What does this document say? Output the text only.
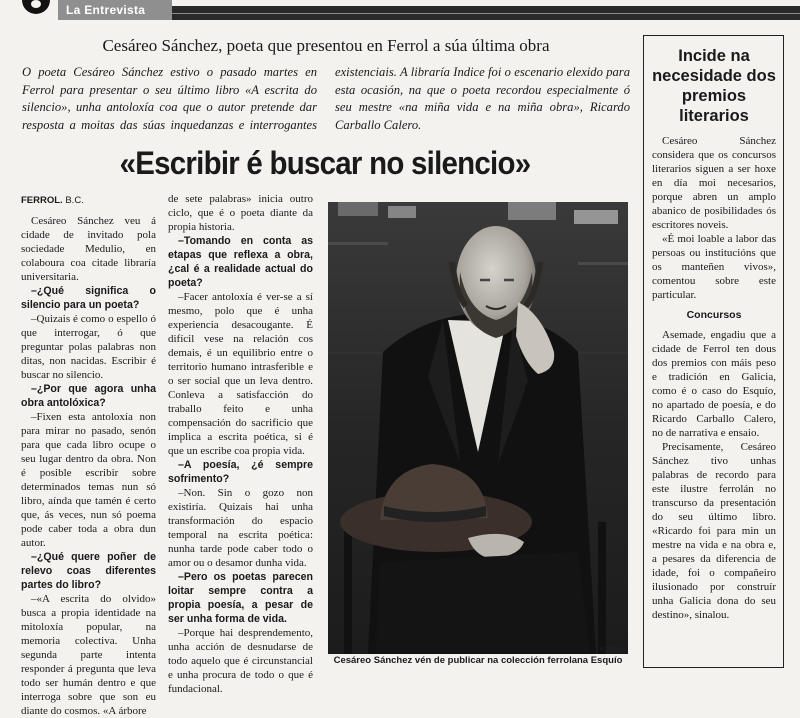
La Entrevista
Cesáreo Sánchez, poeta que presentou en Ferrol a súa última obra
O poeta Cesáreo Sánchez estivo o pasado martes en Ferrol para presentar o seu último libro «A escrita do silencio», unha antoloxía coa que o autor pretende dar resposta a moitas das súas inquedanzas e interrogantes existenciais. A libraría Indice foi o escenario elexido para esta ocasión, na que o poeta recordou especialmente ó seu mestre «na miña vida e na miña obra», Ricardo Carballo Calero.
«Escribir é buscar no silencio»
FERROL. B.C.

Cesáreo Sánchez veu á cidade de invitado pola sociedade Medulio, en colaboura coa citade libraría universitaria.

–¿Qué significa o silencio para un poeta?

–Quizais é como o espello ó que interrogar, ó que preguntar polas palabras non ditas, non nacidas. Escribir é buscar no silencio.

–¿Por que agora unha obra antolóxica?

–Fixen esta antoloxía non para mirar no pasado, senón para que cada libro ocupe o seu lugar dentro da obra. Non é posible escribir sobre determinados temas nun só libro, aínda que tamén é certo que, ás veces, nun só poema pode caber toda a obra dun autor.

–¿Qué quere poñer de relevo coas diferentes partes do libro?

–«A escrita do olvido» busca a propia identidade na mitoloxía popular, na memoria colectiva. Unha segunda parte intenta responder á pregunta que leva todo ser humán dentro e que interroga sobre que son eu diante do cosmos. «A árbore

de sete palabras» inicia outro ciclo, que é o poeta diante da propia historia.

–Tomando en conta as etapas que reflexa a obra, ¿cal é a realidade actual do poeta?

–Facer antoloxía é ver-se a sí mesmo, polo que é unha experiencia desacougante. É difícil vese na relación cos demais, é un equilibrio entre o territorio humano intrasferible e o ser social que un leva dentro. Conleva a satisfacción do traballo feito e unha compensación do sacrificio que implica a escrita poética, si é que un escribe coa propia vida.

–A poesía, ¿é sempre sofrimento?

–Non. Sin o gozo non existiría. Quizais hai unha transformación do espacio temporal na escrita poética: nunha tarde pode caber todo o amor ou o desamor dunha vida.

–Pero os poetas parecen loitar sempre contra a propia poesía, a pesar de ser unha forma de vida.

–Porque hai desprendemento, unha acción de desnudarse de todo aquelo que é circunstancial e unha procura de todo o que é fundacional.

KOPA
Cesáreo Sánchez vén de publicar na colección ferrolana Esquío
Incide na necesidade dos premios literarios

Cesáreo Sánchez considera que os concursos literarios siguen a ser hoxe en día moi necesarios, porque abren un amplo abanico de posibilidades ós escritores noveis.

«É moi loable a labor das persoas ou institucións que os manteñen vivos», comentou sobre este particular.

Concursos

Asemade, engadiu que a cidade de Ferrol ten dous dos premios con máis peso e tradición en Galicia, como é o caso do Esquío, no apartado de poesía, e do Ricardo Carballo Calero, no de narrativa e ensaio.

Precisamente, Cesáreo Sánchez tivo unhas palabras de recordo para este ilustre ferrolán no transcurso da presentación do seu último libro. «Ricardo foi para min un mestre na vida e na obra e, a pesares da diferencia de idade, foi o compañeiro ilusionado por construír unha Galicia dona do seu destino», sinalou.
